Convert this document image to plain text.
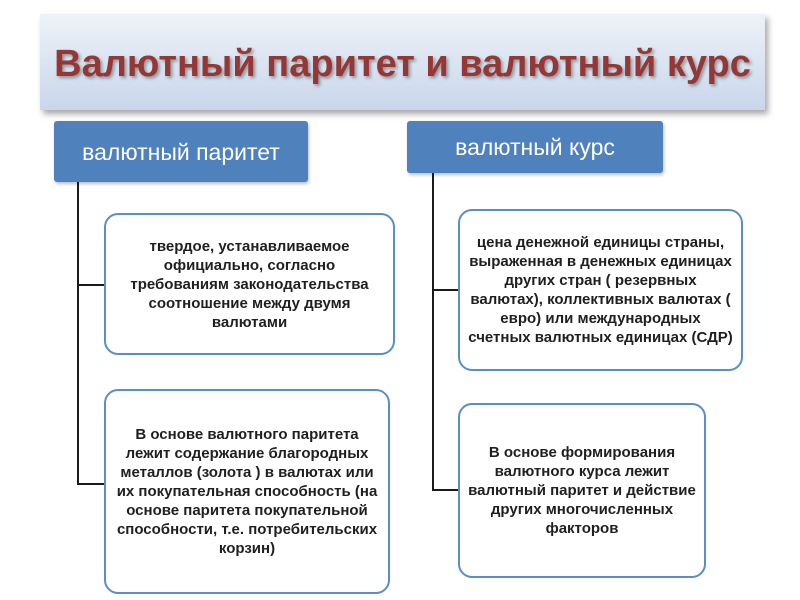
Валютный паритет и валютный курс
валютный паритет	валютный курс
твердое, устанавливаемое официально, согласно требованиям законодательства соотношение между двумя валютами
В основе валютного паритета лежит содержание благородных металлов (золота ) в валютах или их покупательная способность (на основе паритета покупательной способности, т.е. потребительских корзин)
цена денежной единицы страны, выраженная в денежных единицах других стран ( резервных валютах), коллективных валютах ( евро) или международных счетных валютных единицах (СДР)
В основе формирования валютного курса лежит валютный паритет и действие других многочисленных факторов
